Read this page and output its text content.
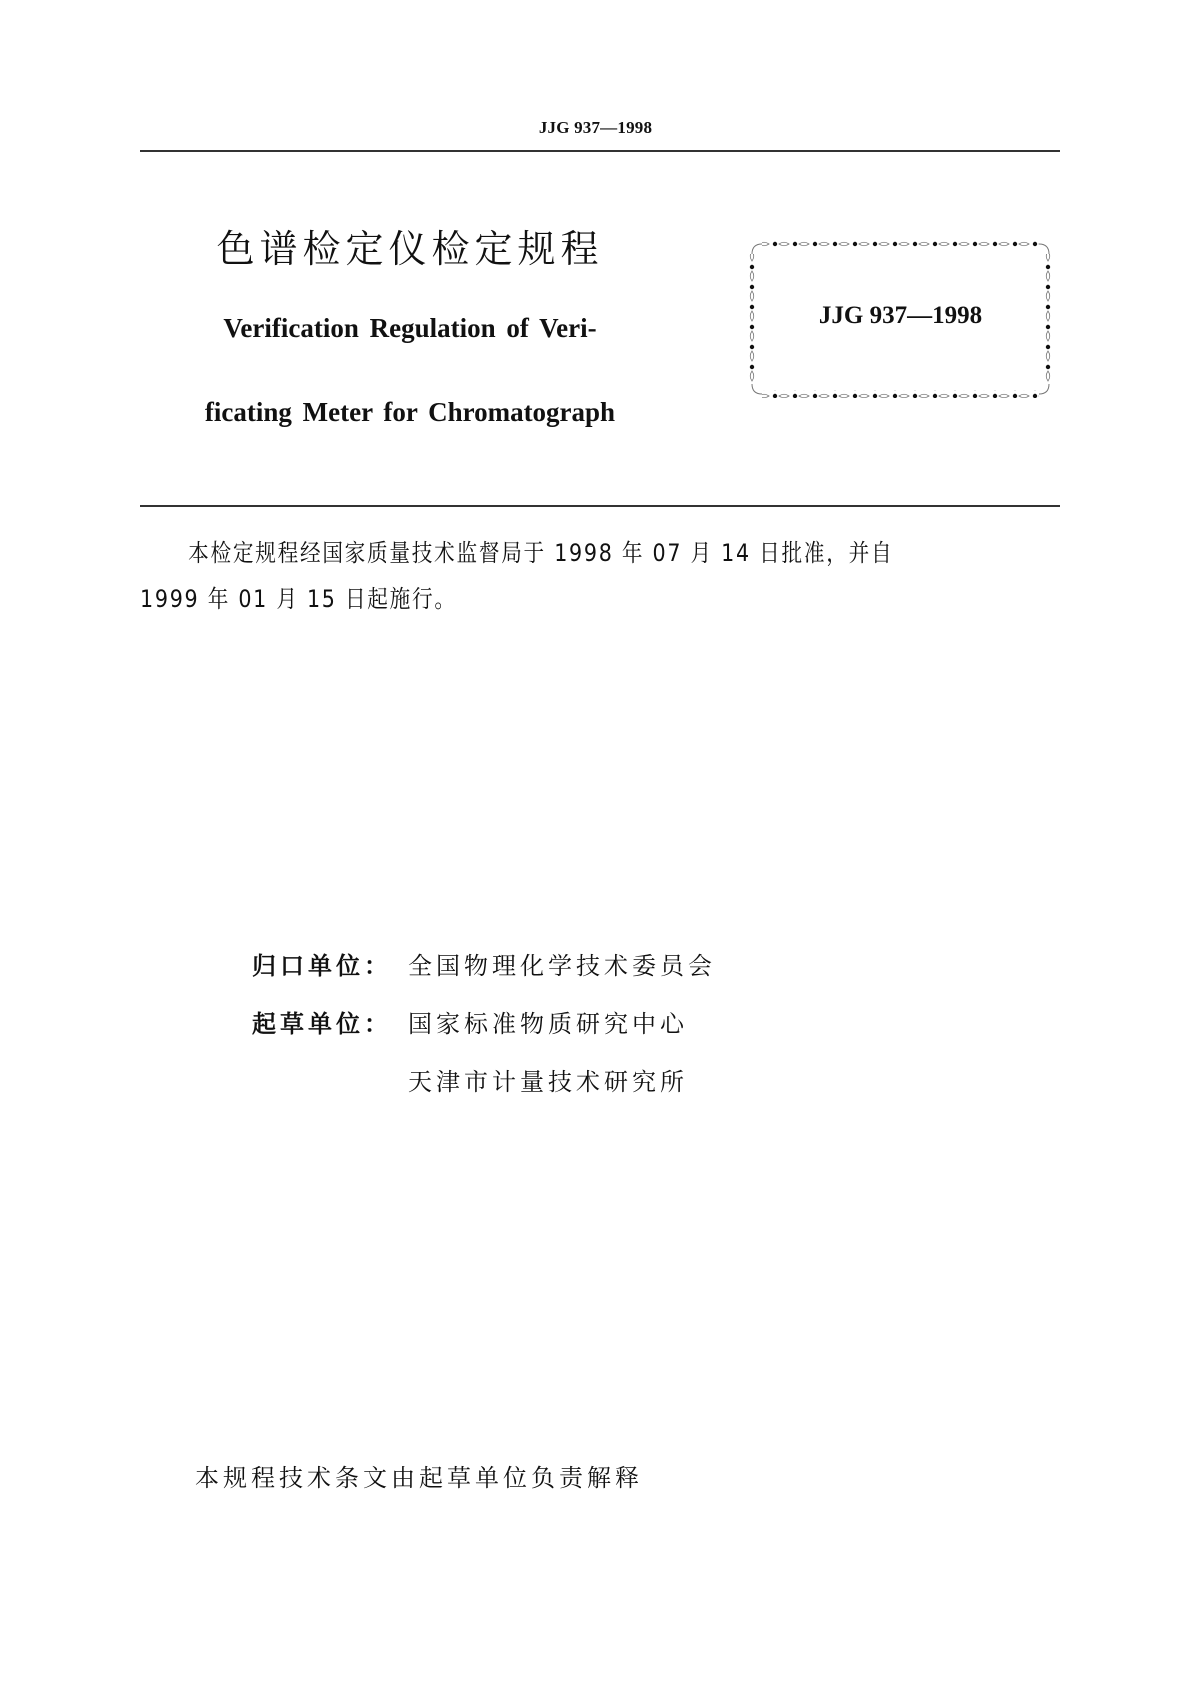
JJG 937—1998
色谱检定仪检定规程
Verification Regulation of Veri-
ficating Meter for Chromatograph
JJG 937—1998
本检定规程经国家质量技术监督局于 1998 年 07 月 14 日批准，并自
1999 年 01 月 15 日起施行。
归口单位： 全国物理化学技术委员会
起草单位： 国家标准物质研究中心
天津市计量技术研究所
本规程技术条文由起草单位负责解释
